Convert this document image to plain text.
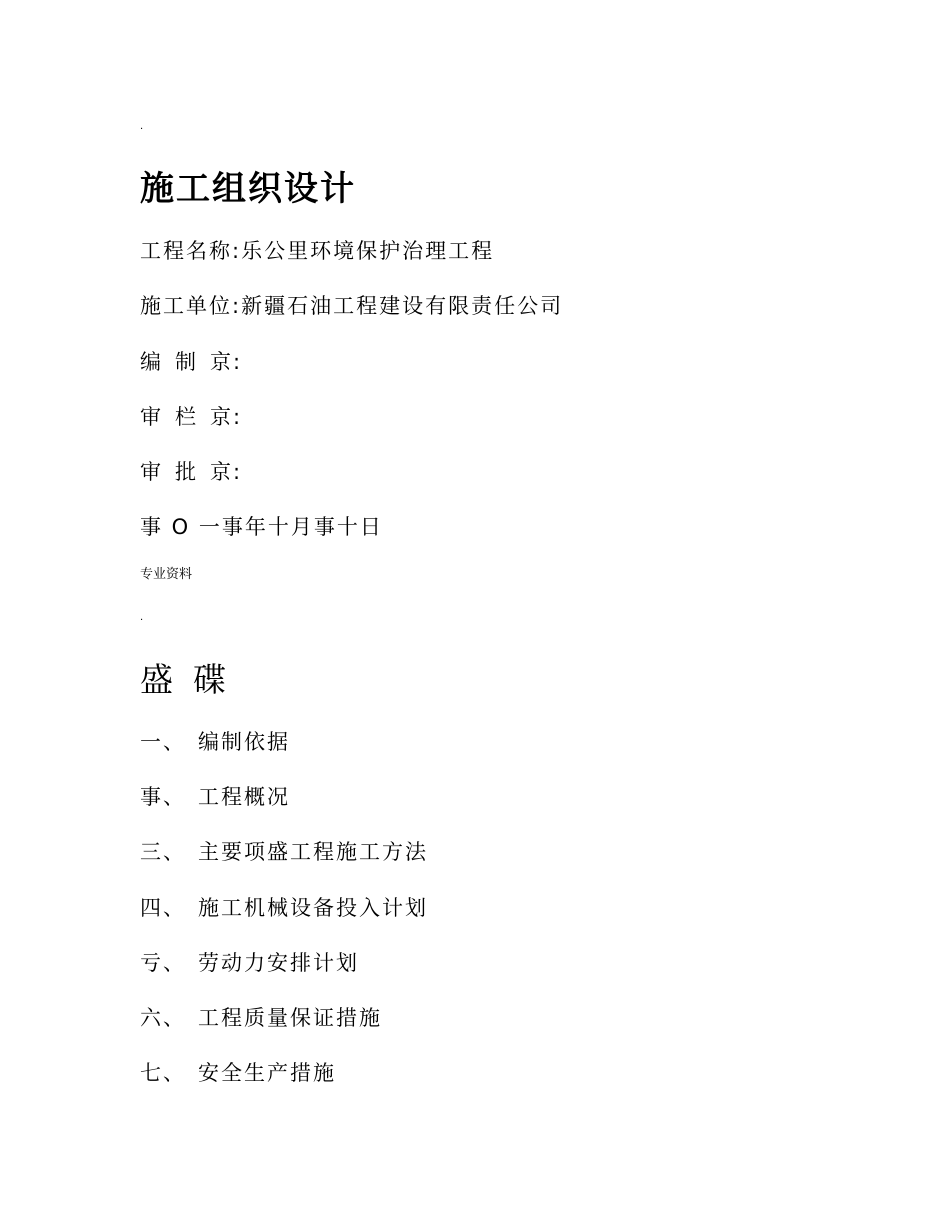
.
施工组织设计
工程名称:乐公里环境保护治理工程
施工单位:新疆石油工程建设有限责任公司
编 制 京:
审 栏 京:
审 批 京:
事 O 一事年十月事十日
专业资料
.
盛 碟
一、 编制依据
事、 工程概况
三、 主要项盛工程施工方法
四、 施工机械设备投入计划
亏、 劳动力安排计划
六、 工程质量保证措施
七、 安全生产措施
